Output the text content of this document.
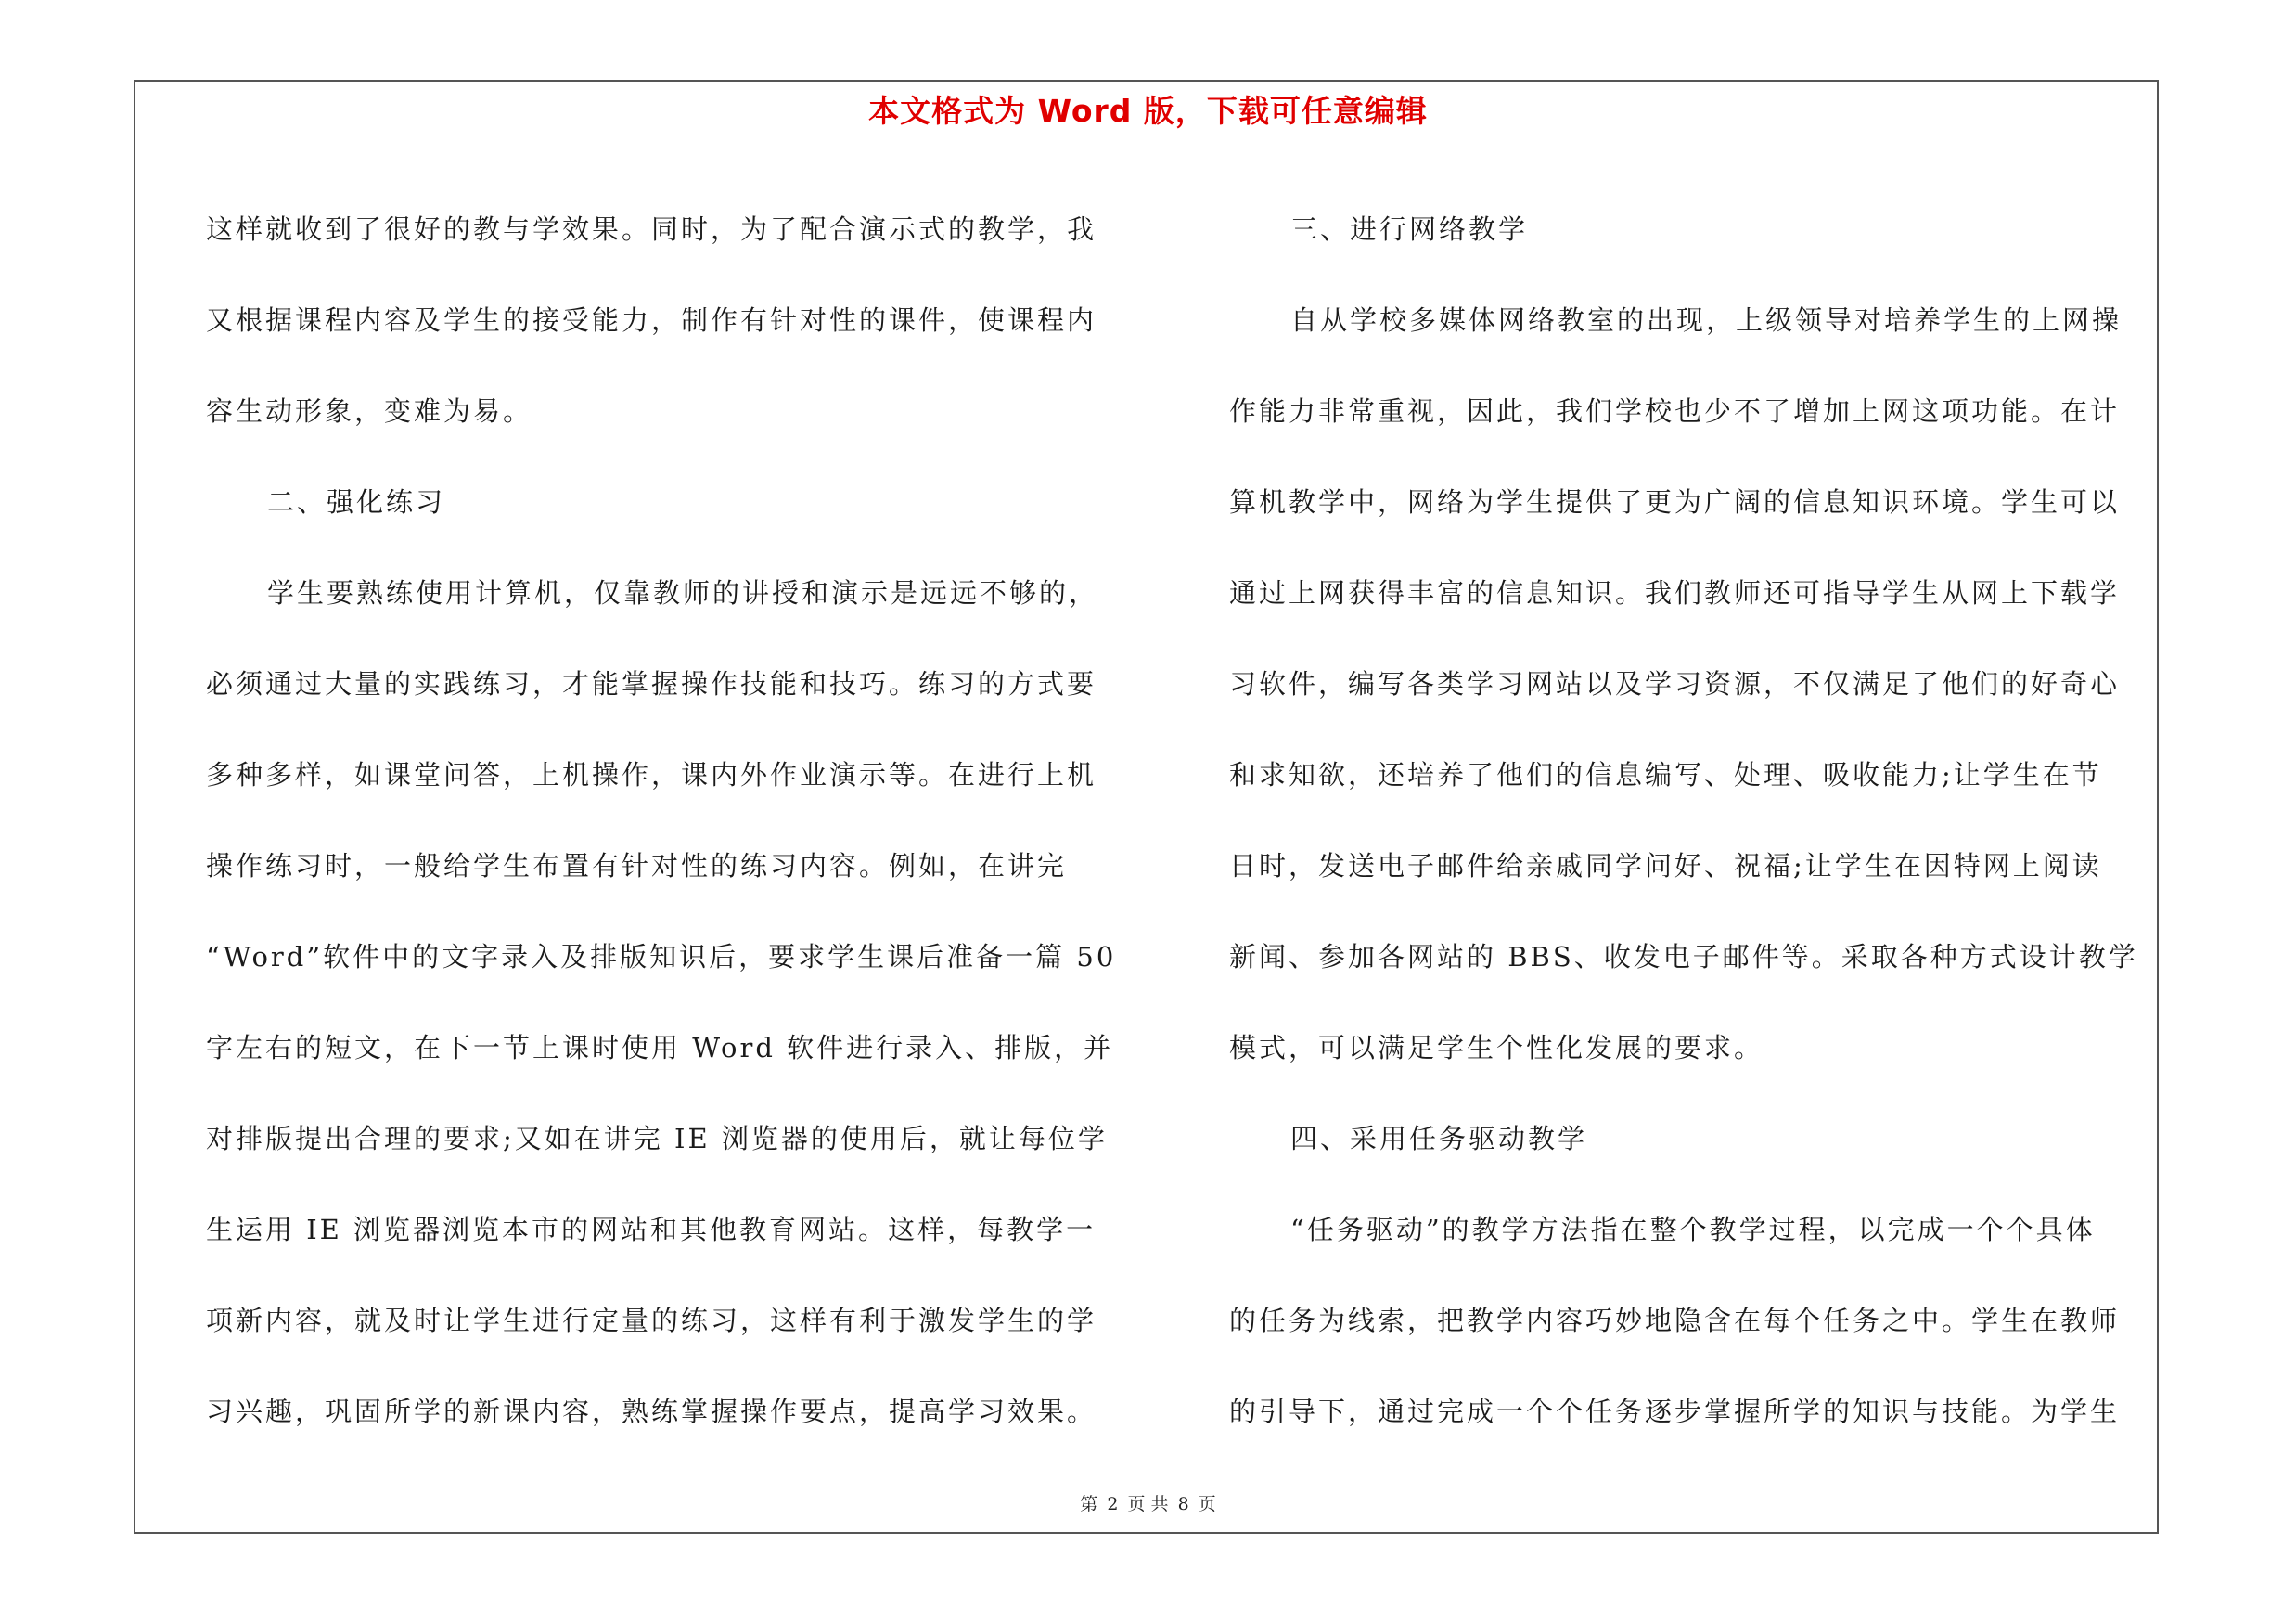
本文格式为 Word 版，下载可任意编辑
这样就收到了很好的教与学效果。同时，为了配合演示式的教学，我
又根据课程内容及学生的接受能力，制作有针对性的课件，使课程内
容生动形象，变难为易。
二、强化练习
学生要熟练使用计算机，仅靠教师的讲授和演示是远远不够的，
必须通过大量的实践练习，才能掌握操作技能和技巧。练习的方式要
多种多样，如课堂问答，上机操作，课内外作业演示等。在进行上机
操作练习时，一般给学生布置有针对性的练习内容。例如，在讲完
“Word”软件中的文字录入及排版知识后，要求学生课后准备一篇 50
字左右的短文，在下一节上课时使用 Word 软件进行录入、排版，并
对排版提出合理的要求;又如在讲完 IE 浏览器的使用后，就让每位学
生运用 IE 浏览器浏览本市的网站和其他教育网站。这样，每教学一
项新内容，就及时让学生进行定量的练习，这样有利于激发学生的学
习兴趣，巩固所学的新课内容，熟练掌握操作要点，提高学习效果。
三、进行网络教学
自从学校多媒体网络教室的出现，上级领导对培养学生的上网操
作能力非常重视，因此，我们学校也少不了增加上网这项功能。在计
算机教学中，网络为学生提供了更为广阔的信息知识环境。学生可以
通过上网获得丰富的信息知识。我们教师还可指导学生从网上下载学
习软件，编写各类学习网站以及学习资源，不仅满足了他们的好奇心
和求知欲，还培养了他们的信息编写、处理、吸收能力;让学生在节
日时，发送电子邮件给亲戚同学问好、祝福;让学生在因特网上阅读
新闻、参加各网站的 BBS、收发电子邮件等。采取各种方式设计教学
模式，可以满足学生个性化发展的要求。
四、采用任务驱动教学
“任务驱动”的教学方法指在整个教学过程，以完成一个个具体
的任务为线索，把教学内容巧妙地隐含在每个任务之中。学生在教师
的引导下，通过完成一个个任务逐步掌握所学的知识与技能。为学生
第 2 页 共 8 页
